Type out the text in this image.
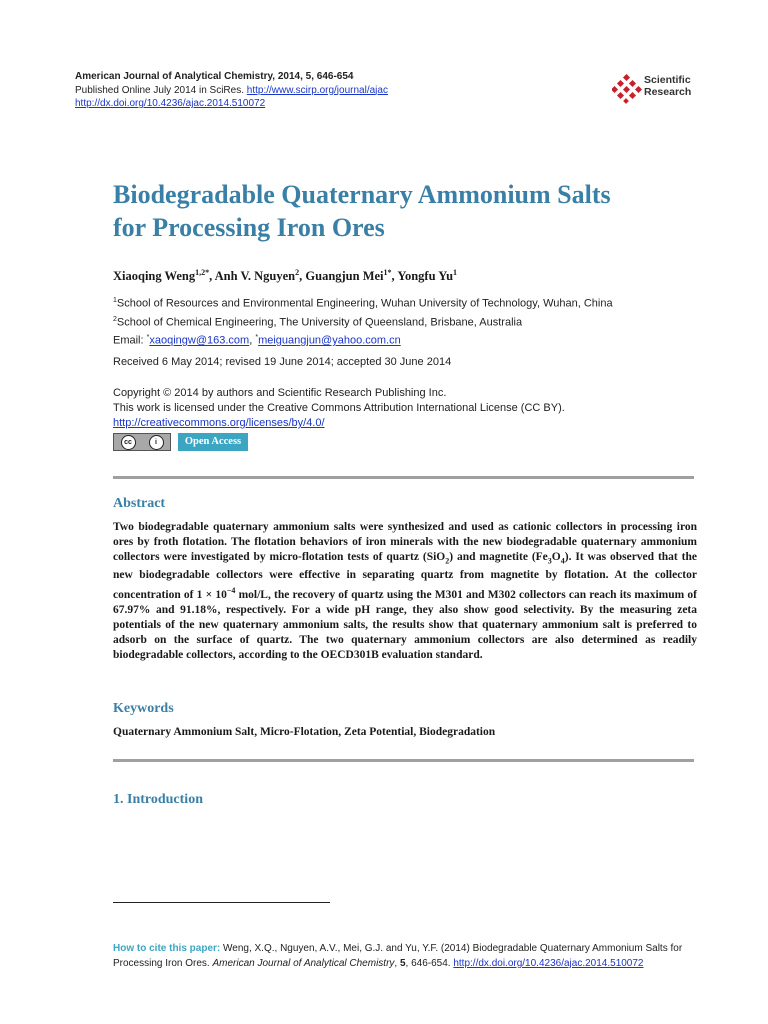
American Journal of Analytical Chemistry, 2014, 5, 646-654
Published Online July 2014 in SciRes. http://www.scirp.org/journal/ajac
http://dx.doi.org/10.4236/ajac.2014.510072
Scientific
Research
Biodegradable Quaternary Ammonium Salts
for Processing Iron Ores
Xiaoqing Weng$^{1,2*}$, Anh V. Nguyen$^2$, Guangjun Mei$^{1*}$, Yongfu Yu$^1$
$^1$School of Resources and Environmental Engineering, Wuhan University of Technology, Wuhan, China
$^2$School of Chemical Engineering, The University of Queensland, Brisbane, Australia
Email: *xaoqingw@163.com, *meiguangjun@yahoo.com.cn
Received 6 May 2014; revised 19 June 2014; accepted 30 June 2014
Copyright © 2014 by authors and Scientific Research Publishing Inc.
This work is licensed under the Creative Commons Attribution International License (CC BY).
http://creativecommons.org/licenses/by/4.0/
cc	i	Open Access
Abstract
Two biodegradable quaternary ammonium salts were synthesized and used as cationic collectors in processing iron ores by froth flotation. The flotation behaviors of iron minerals with the new biodegradable quaternary ammonium collectors were investigated by micro-flotation tests of quartz (SiO$_2$) and magnetite $(Fe_3O_4)$. It was observed that the new biodegradable collectors were effective in separating quartz from magnetite by flotation. At the collector concentration of $1 \times 10^{-4}$ mol/L, the recovery of quartz using the M301 and M302 collectors can reach its maximum of 67.97% and 91.18%, respectively. For a wide pH range, they also show good selectivity. By the measuring zeta potentials of the new quaternary ammonium salts, the results show that quaternary ammonium salt is preferred to adsorb on the surface of quartz. The two quaternary ammonium collectors are also determined as readily biodegradable collectors, according to the OECD301B evaluation standard.
Keywords
Quaternary Ammonium Salt, Micro-Flotation, Zeta Potential, Biodegradation
1. Introduction
How to cite this paper: Weng, X.Q., Nguyen, A.V., Mei, G.J. and Yu, Y.F. (2014) Biodegradable Quaternary Ammonium Salts for Processing Iron Ores. American Journal of Analytical Chemistry, 5, 646-654. http://dx.doi.org/10.4236/ajac.2014.510072
